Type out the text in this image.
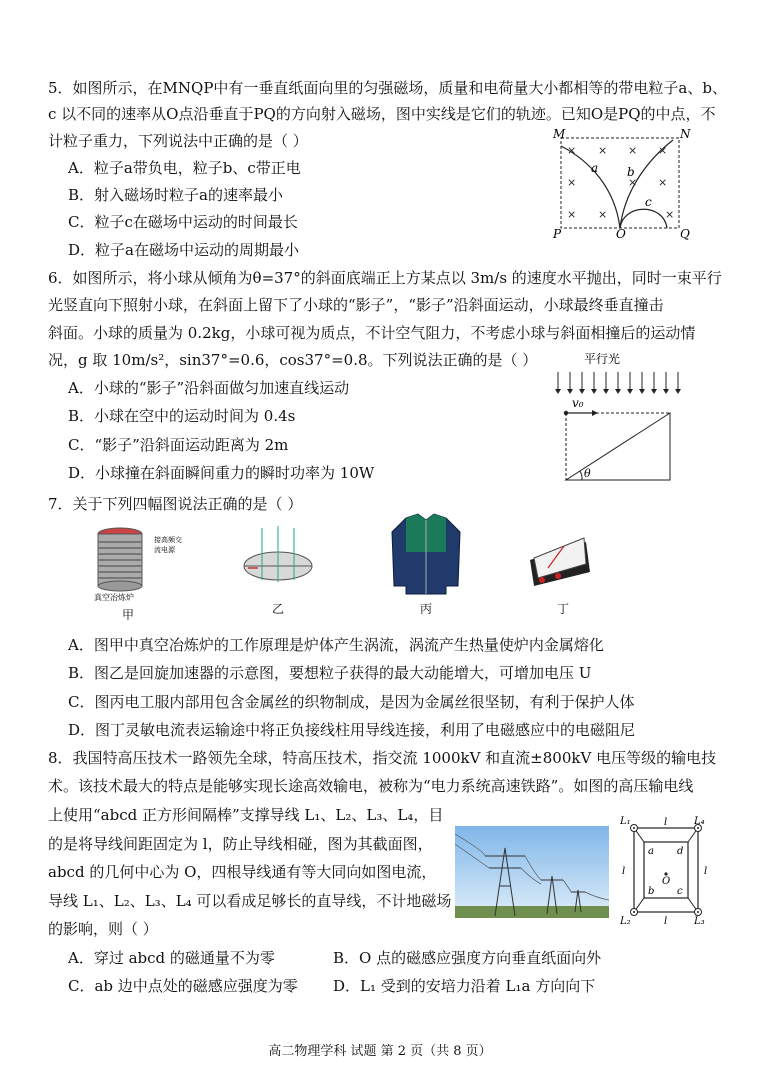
5．如图所示，在MNQP中有一垂直纸面向里的匀强磁场，质量和电荷量大小都相等的带电粒子a、b、
c 以不同的速率从O点沿垂直于PQ的方向射入磁场，图中实线是它们的轨迹。已知O是PQ的中点，不
计粒子重力，下列说法中正确的是（ ）
A．粒子a带负电，粒子b、c带正电
B．射入磁场时粒子a的速率最小
C．粒子c在磁场中运动的时间最长
D．粒子a在磁场中运动的周期最小
M	N
P	O	Q
× × × ×
×	× ×
× ×	×
a b
c
6．如图所示，将小球从倾角为θ=37°的斜面底端正上方某点以 3m/s 的速度水平抛出，同时一束平行
光竖直向下照射小球，在斜面上留下了小球的“影子”，“影子”沿斜面运动，小球最终垂直撞击
斜面。小球的质量为 0.2kg，小球可视为质点，不计空气阻力，不考虑小球与斜面相撞后的运动情
况，g 取 10m/s²，sin37°=0.6，cos37°=0.8。下列说法正确的是（ ）
A．小球的“影子”沿斜面做匀加速直线运动
B．小球在空中的运动时间为 0.4s
C．“影子”沿斜面运动距离为 2m
D．小球撞在斜面瞬间重力的瞬时功率为 10W
平行光
v₀
θ
7．关于下列四幅图说法正确的是（ ）
接高频交
流电源
真空冶炼炉
甲	乙	丙	丁
A．图甲中真空冶炼炉的工作原理是炉体产生涡流，涡流产生热量使炉内金属熔化
B．图乙是回旋加速器的示意图，要想粒子获得的最大动能增大，可增加电压 U
C．图丙电工服内部用包含金属丝的织物制成，是因为金属丝很坚韧，有利于保护人体
D．图丁灵敏电流表运输途中将正负接线柱用导线连接，利用了电磁感应中的电磁阻尼
8．我国特高压技术一路领先全球，特高压技术，指交流 1000kV 和直流±800kV 电压等级的输电技
术。该技术最大的特点是能够实现长途高效输电，被称为“电力系统高速铁路”。如图的高压输电线
上使用“abcd 正方形间隔棒”支撑导线 L₁、L₂、L₃、L₄，目
的是将导线间距固定为 l，防止导线相碰，图为其截面图，
abcd 的几何中心为 O，四根导线通有等大同向如图电流，
导线 L₁、L₂、L₃、L₄ 可以看成足够长的直导线，不计地磁场
的影响，则（ ）
L₁	L₄
L₂	L₃
a d
b c
O
l
l
l	l
A．穿过 abcd 的磁通量不为零	B．O 点的磁感应强度方向垂直纸面向外
C．ab 边中点处的磁感应强度为零 D．L₁ 受到的安培力沿着 L₁a 方向向下
高二物理学科 试题 第 2 页（共 8 页）
